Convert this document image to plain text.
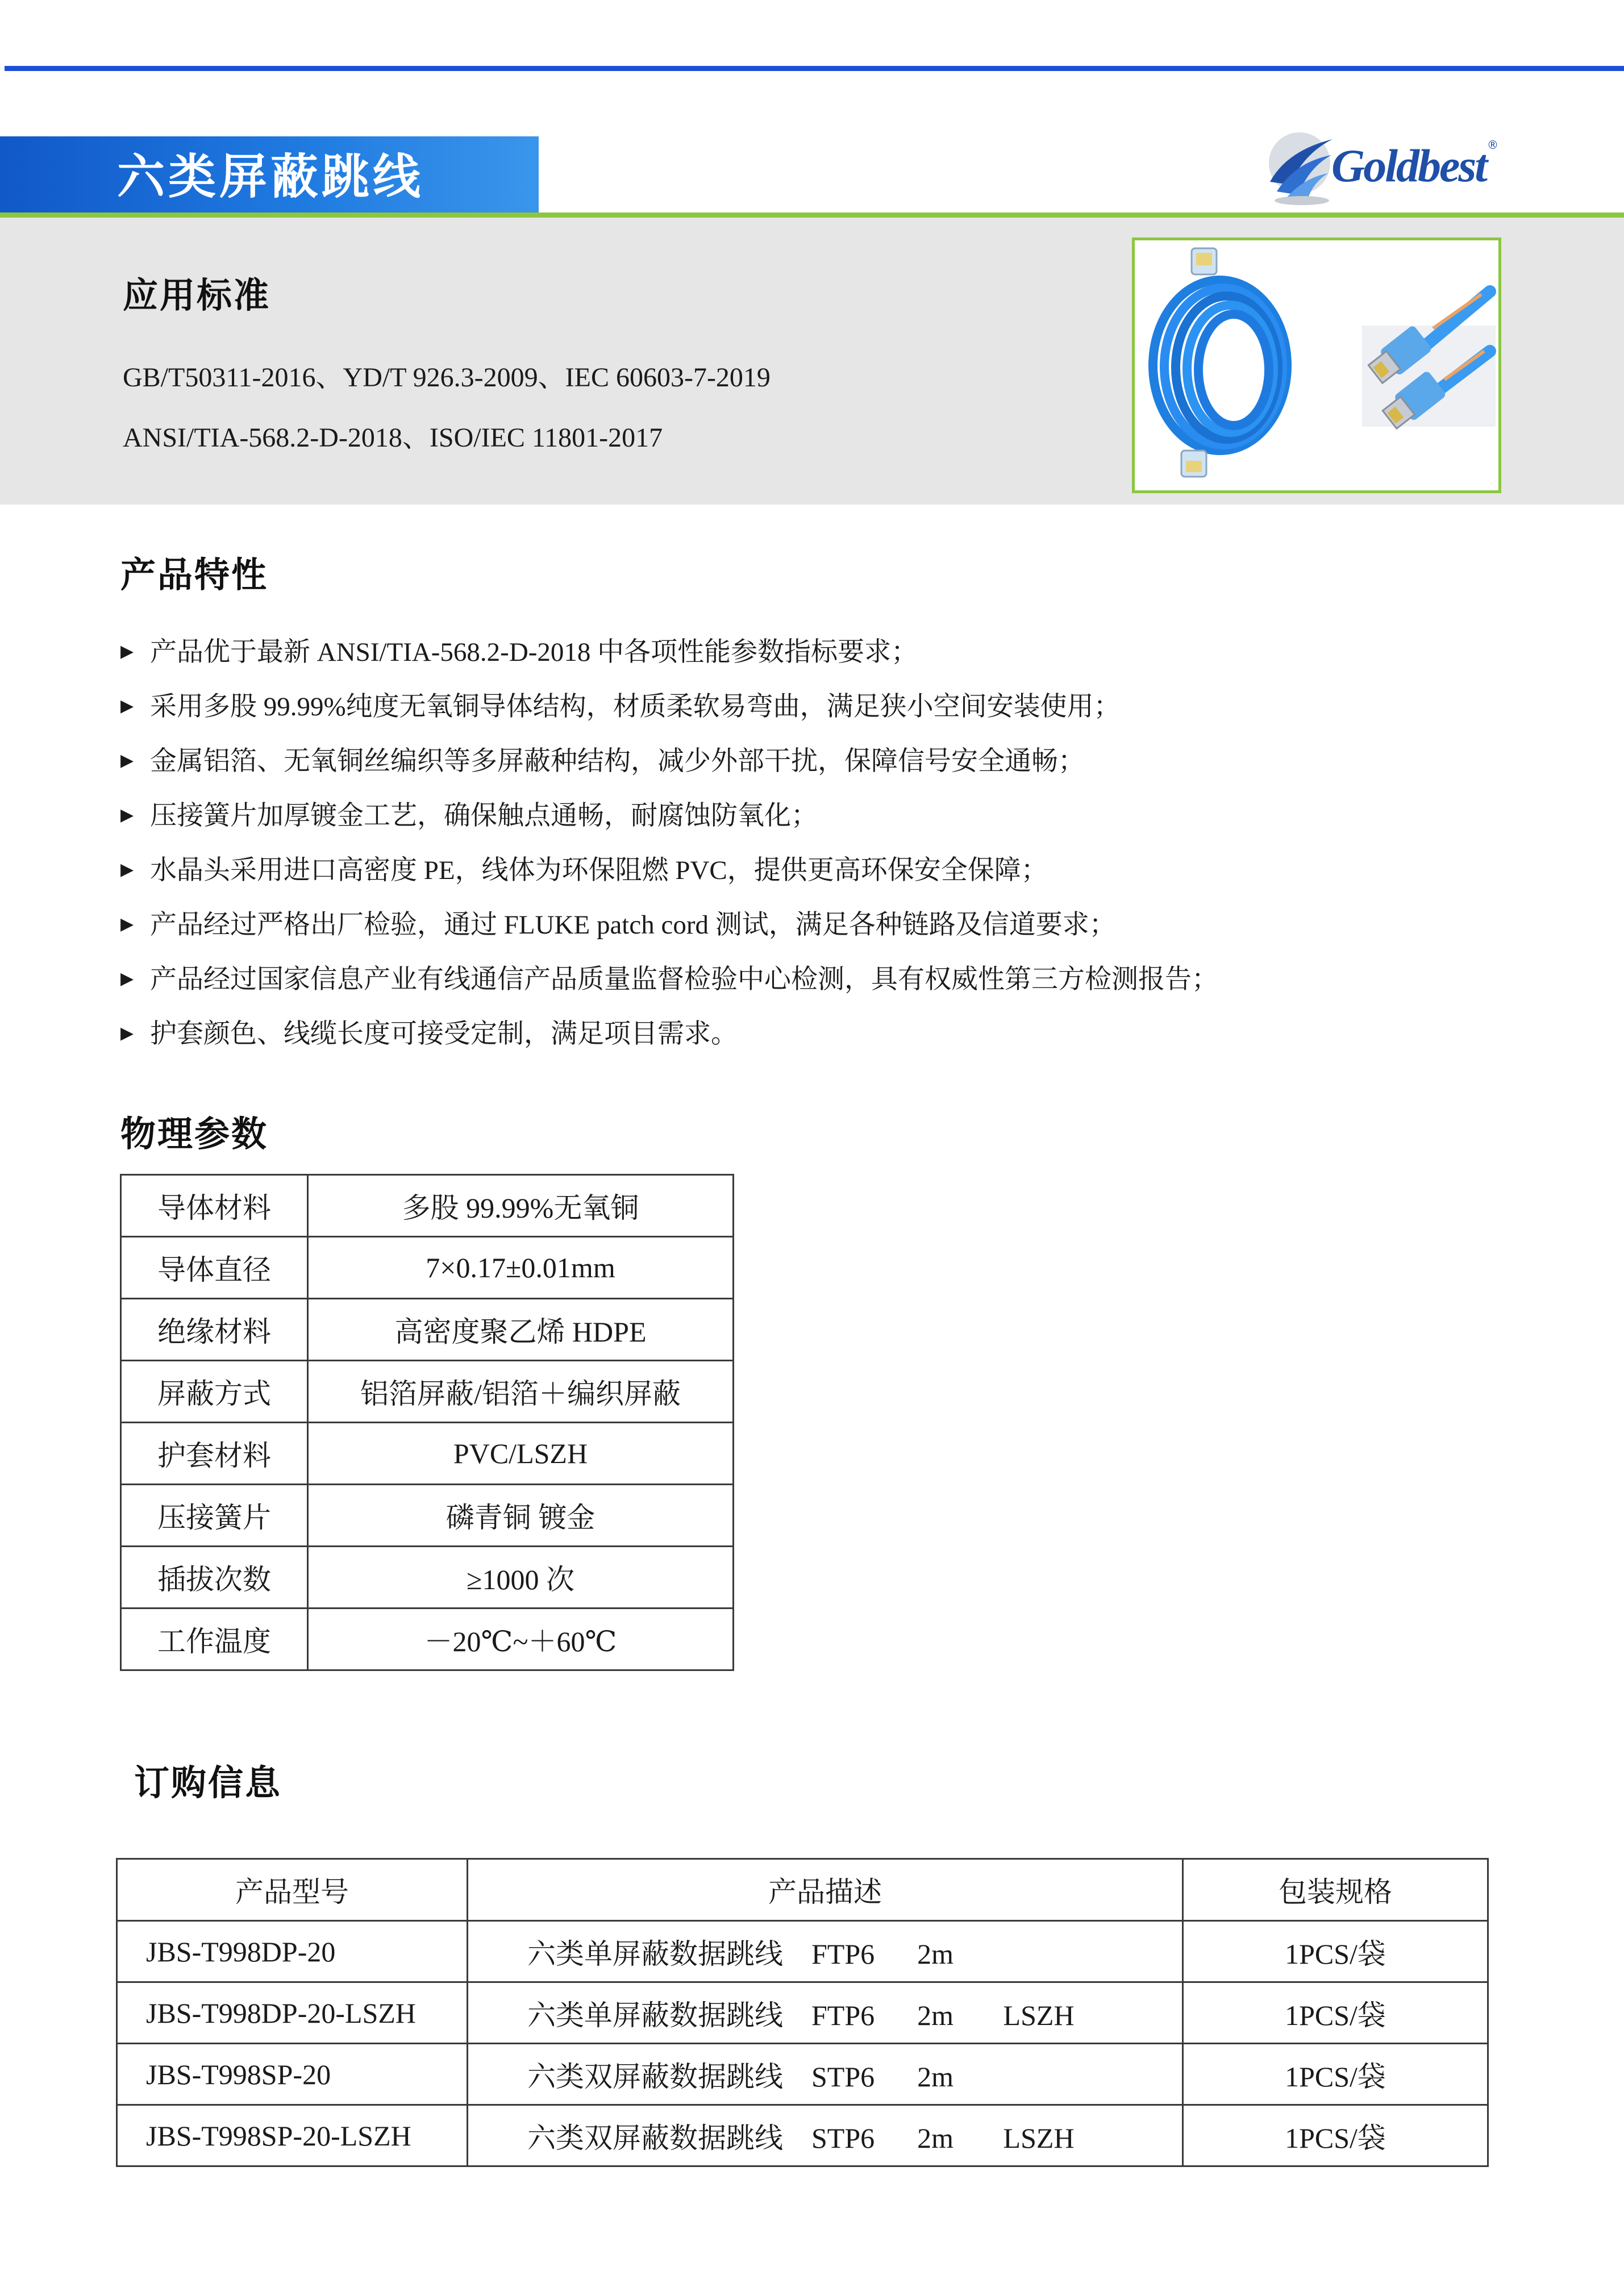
六类屏蔽跳线	Goldbest ®
应用标准
GB/T50311-2016、YD/T 926.3-2009、IEC 60603-7-2019
ANSI/TIA-568.2-D-2018、ISO/IEC 11801-2017
产品特性
▶ 产品优于最新 ANSI/TIA-568.2-D-2018 中各项性能参数指标要求；
▶ 采用多股 99.99%纯度无氧铜导体结构，材质柔软易弯曲，满足狭小空间安装使用；
▶ 金属铝箔、无氧铜丝编织等多屏蔽种结构，减少外部干扰，保障信号安全通畅；
▶ 压接簧片加厚镀金工艺，确保触点通畅，耐腐蚀防氧化；
▶ 水晶头采用进口高密度 PE，线体为环保阻燃 PVC，提供更高环保安全保障；
▶ 产品经过严格出厂检验，通过 FLUKE patch cord 测试，满足各种链路及信道要求；
▶ 产品经过国家信息产业有线通信产品质量监督检验中心检测，具有权威性第三方检测报告；
▶ 护套颜色、线缆长度可接受定制，满足项目需求。
物理参数
导体材料	多股 99.99%无氧铜
导体直径	7×0.17±0.01mm
绝缘材料	高密度聚乙烯 HDPE
屏蔽方式	铝箔屏蔽/铝箔＋编织屏蔽
护套材料	PVC/LSZH
压接簧片	磷青铜 镀金
插拔次数	≥1000 次
工作温度	－20℃~＋60℃
订购信息
产品型号	产品描述	包装规格
JBS-T998DP-20	六类单屏蔽数据跳线    FTP6      2m	1PCS/袋
JBS-T998DP-20-LSZH	六类单屏蔽数据跳线    FTP6      2m       LSZH	1PCS/袋
JBS-T998SP-20	六类双屏蔽数据跳线    STP6      2m	1PCS/袋
JBS-T998SP-20-LSZH	六类双屏蔽数据跳线    STP6      2m       LSZH	1PCS/袋
